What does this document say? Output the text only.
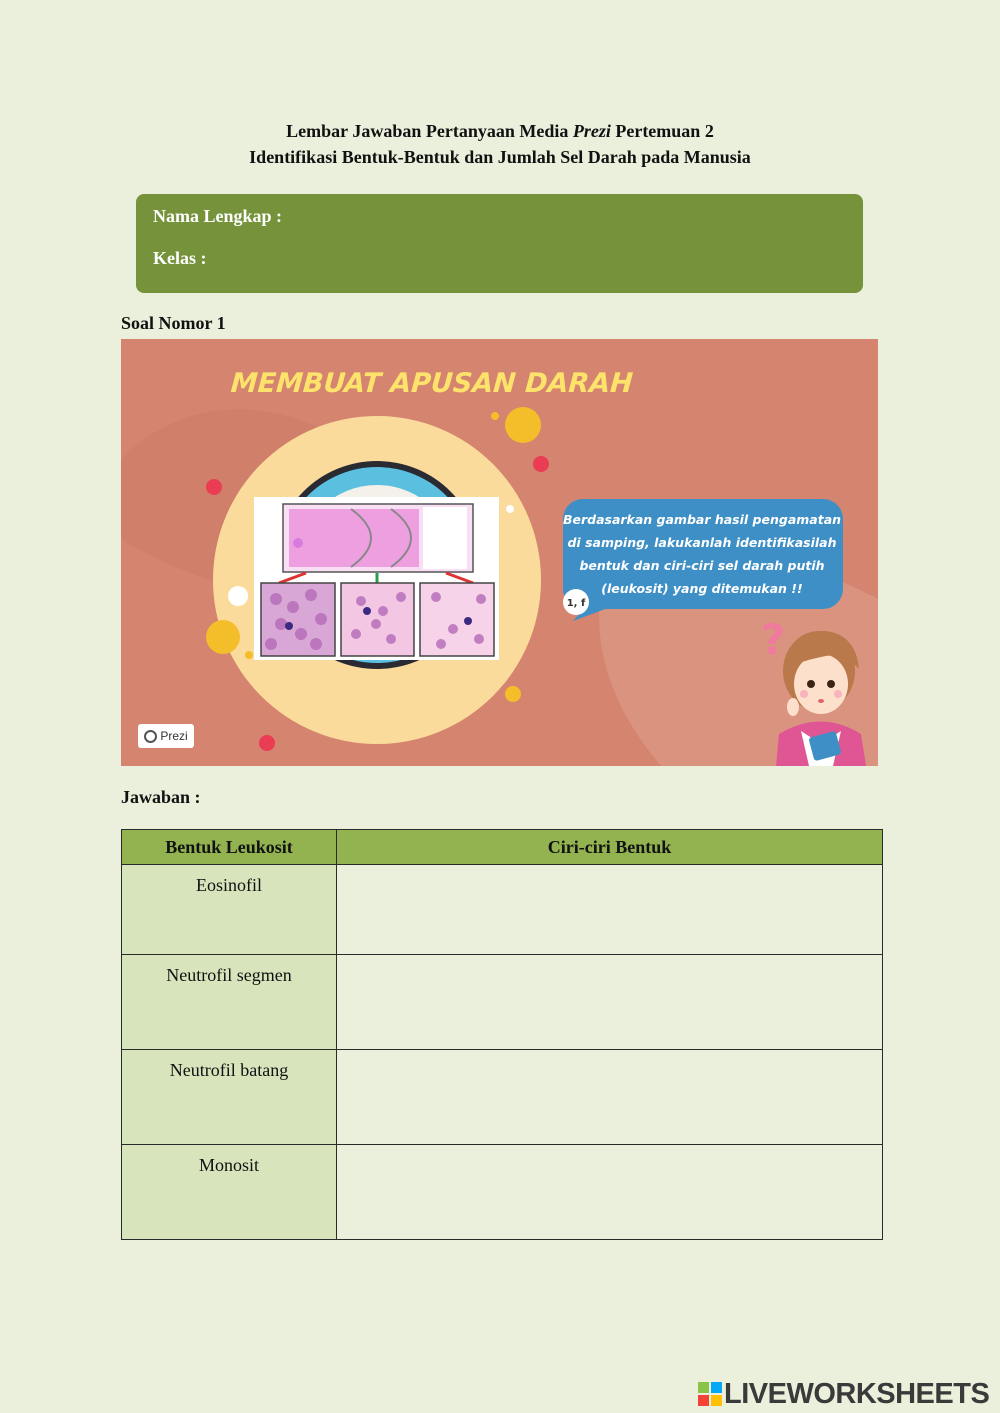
Lembar Jawaban Pertanyaan Media Prezi Pertemuan 2
Identifikasi Bentuk-Bentuk dan Jumlah Sel Darah pada Manusia
Nama Lengkap :
Kelas :
Soal Nomor 1
MEMBUAT APUSAN DARAH
Berdasarkan gambar hasil pengamatan
di samping, lakukanlah identifikasilah
bentuk dan ciri-ciri sel darah putih
(leukosit) yang ditemukan !!
1, f
?
Prezi
Jawaban :
Bentuk Leukosit	Ciri-ciri Bentuk
Eosinofil	
Neutrofil segmen	
Neutrofil batang	
Monosit	
LIVEWORKSHEETS
